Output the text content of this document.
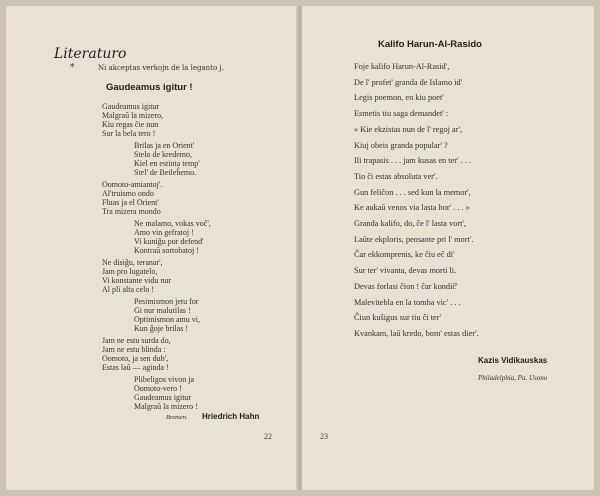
Literaturo
*	Ni akceptas verkojn de la leganto j.
Gaudeamus igitur !
Gaudeamus igitur
Malgraŭ la mizero,
Kiu regas ĉie nun
Sur la bela tero !
Brilas ja en Orient'
Stelo de kredemo,
Kiel en estinta temp'
Stel' de Betleĥemo.
Oomoto-amiantoj'.
Al'truismo ondo
Fluas ja el Orient'
Tra mizera mondo
Ne malamo, vokas voĉ',
Amo vin gefratoj !
Vi kuniĝu por defend'
Kontraŭ sortobatoj !
Ne disiĝu, teranar',
Jam pro lugatelo,
Vi konstante vidu nur
Al pli alta celo !
Pesimismon jetu for
Gi nur malutilas !
Optimismon amu vi,
Kun ĝoje brilas !
Jam ne estu surda do,
Jam ne estu blinda :
Oomoto, ja sen dub',
Estas laŭ — aginda !
Plibeligos vivon ja
Oomoto-vero !
Gaudeamus igitur
Malgraŭ la mizero !
Bremen. Hriedrich Hahn
22
Kalifo Harun-Al-Rasido
Foje kalifo Harun-Al-Rasid',
De l' profet' granda de Islamo id'
Legis poemon, en kiu poet'
Esmetis tiu saga demandet' :
« Kie ekzistas nun de l' regoj ar',
Kiuj obeis granda popular' ?
Ili trapasis . . . jam kusas en ter' . . .
Tio ĉi estas absoluta ver'.
Gun feliĉon . . . sed kun la memor',
Ke aukaŭ venos via lasta hor' . . . »
Granda kalifo, do, ĉe l' lasta vort',
Laŭte ekploris, pensante pri l' mort'.
Ĉar ekkomprenis, ke ĉiu eĉ di'
Sur ter' vivanta, devas morti li.
Devas forlasi ĉion ! ĉar kondiĉ'
Malevitebla en la tomba vic' . . .
Ĉiun kuŝigus sur tiu ĉi ter'
Kvankam, laŭ kredo, bom' estas dier'.
Kazis Vidikauskas
Philadelphia, Pa. Usono
23
